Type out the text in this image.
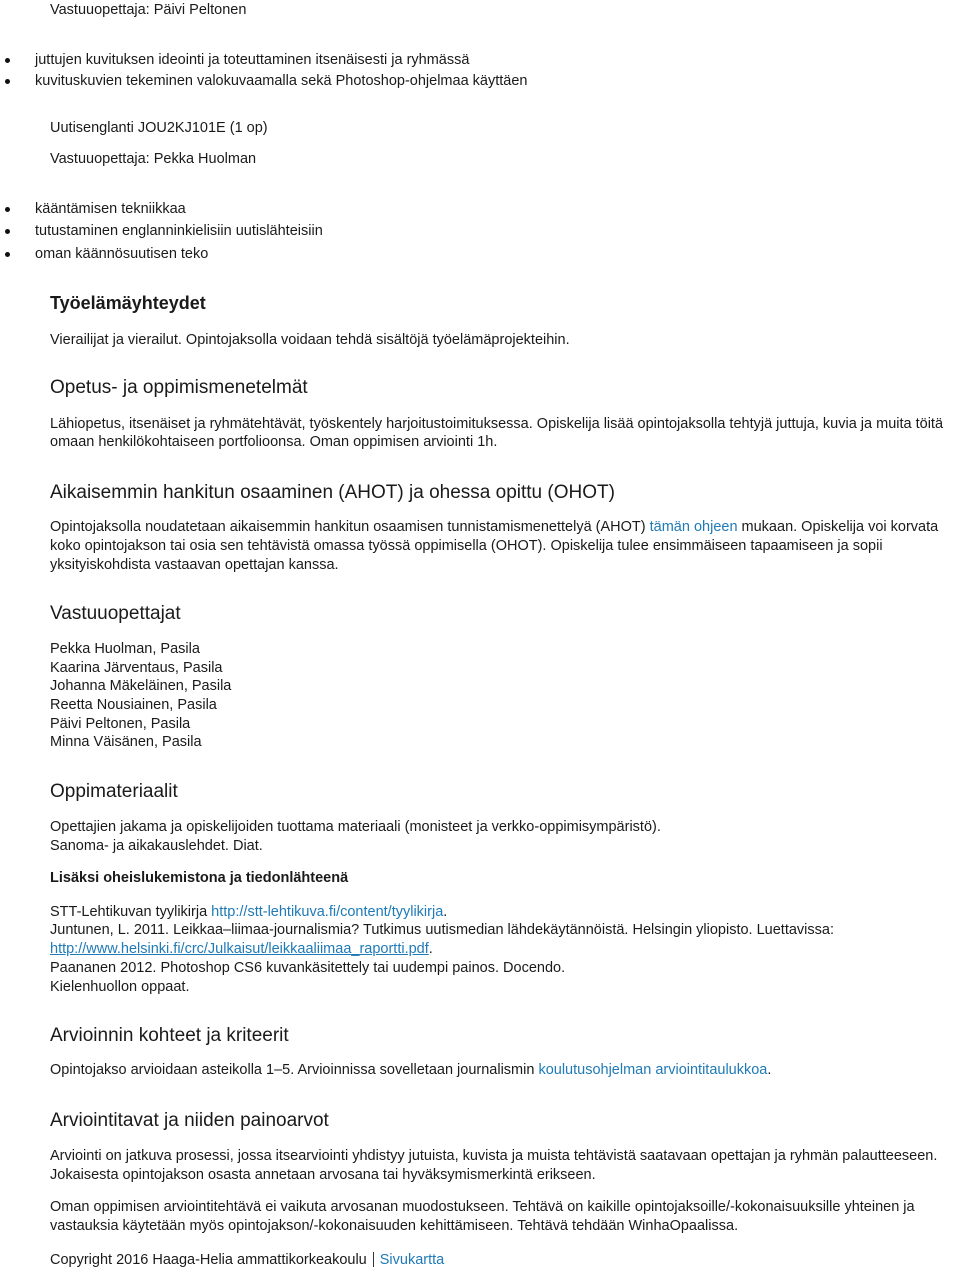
Vastuuopettaja: Päivi Peltonen

juttujen kuvituksen ideointi ja toteuttaminen itsenäisesti ja ryhmässä
kuvituskuvien tekeminen valokuvaamalla sekä Photoshop-ohjelmaa käyttäen

Uutisenglanti JOU2KJ101E (1 op)

Vastuuopettaja: Pekka Huolman

kääntämisen tekniikkaa
tutustaminen englanninkielisiin uutislähteisiin
oman käännösuutisen teko
Työelämäyhteydet

Vierailijat ja vierailut. Opintojaksolla voidaan tehdä sisältöjä työelämäprojekteihin.

Opetus- ja oppimismenetelmät

Lähiopetus, itsenäiset ja ryhmätehtävät, työskentely harjoitustoimituksessa. Opiskelija lisää opintojaksolla tehtyjä juttuja, kuvia ja muita töitä omaan henkilökohtaiseen portfolioonsa. Oman oppimisen arviointi 1h.

Aikaisemmin hankitun osaaminen (AHOT) ja ohessa opittu (OHOT)

Opintojaksolla noudatetaan aikaisemmin hankitun osaamisen tunnistamismenettelyä (AHOT) tämän ohjeen mukaan. Opiskelija voi korvata koko opintojakson tai osia sen tehtävistä omassa työssä oppimisella (OHOT). Opiskelija tulee ensimmäiseen tapaamiseen ja sopii yksityiskohdista vastaavan opettajan kanssa.

Vastuuopettajat
Pekka Huolman, Pasila
Kaarina Järventaus, Pasila
Johanna Mäkeläinen, Pasila
Reetta Nousiainen, Pasila
Päivi Peltonen, Pasila
Minna Väisänen, Pasila
Oppimateriaalit

Opettajien jakama ja opiskelijoiden tuottama materiaali (monisteet ja verkko-oppimisympäristö).

Sanoma- ja aikakauslehdet. Diat.

Lisäksi oheislukemistona ja tiedonlähteenä

STT-Lehtikuvan tyylikirja http://stt-lehtikuva.fi/content/tyylikirja.

Juntunen, L. 2011. Leikkaa–liimaa-journalismia? Tutkimus uutismedian lähdekäytännöistä. Helsingin yliopisto. Luettavissa:

http://www.helsinki.fi/crc/Julkaisut/leikkaaliimaa_raportti.pdf.

Paananen 2012. Photoshop CS6 kuvankäsitettely tai uudempi painos. Docendo.

Kielenhuollon oppaat.

Arvioinnin kohteet ja kriteerit

Opintojakso arvioidaan asteikolla 1–5. Arvioinnissa sovelletaan journalismin koulutusohjelman arviointitaulukkoa.

Arviointitavat ja niiden painoarvot

Arviointi on jatkuva prosessi, jossa itsearviointi yhdistyy jutuista, kuvista ja muista tehtävistä saatavaan opettajan ja ryhmän palautteeseen. Jokaisesta opintojakson osasta annetaan arvosana tai hyväksymismerkintä erikseen.

Oman oppimisen arviointitehtävä ei vaikuta arvosanan muodostukseen. Tehtävä on kaikille opintojaksoille/-kokonaisuuksille yhteinen ja vastauksia käytetään myös opintojakson/-kokonaisuuden kehittämiseen. Tehtävä tehdään WinhaOpaalissa.

Copyright 2016 Haaga-Helia ammattikorkeakoulu Sivukartta
